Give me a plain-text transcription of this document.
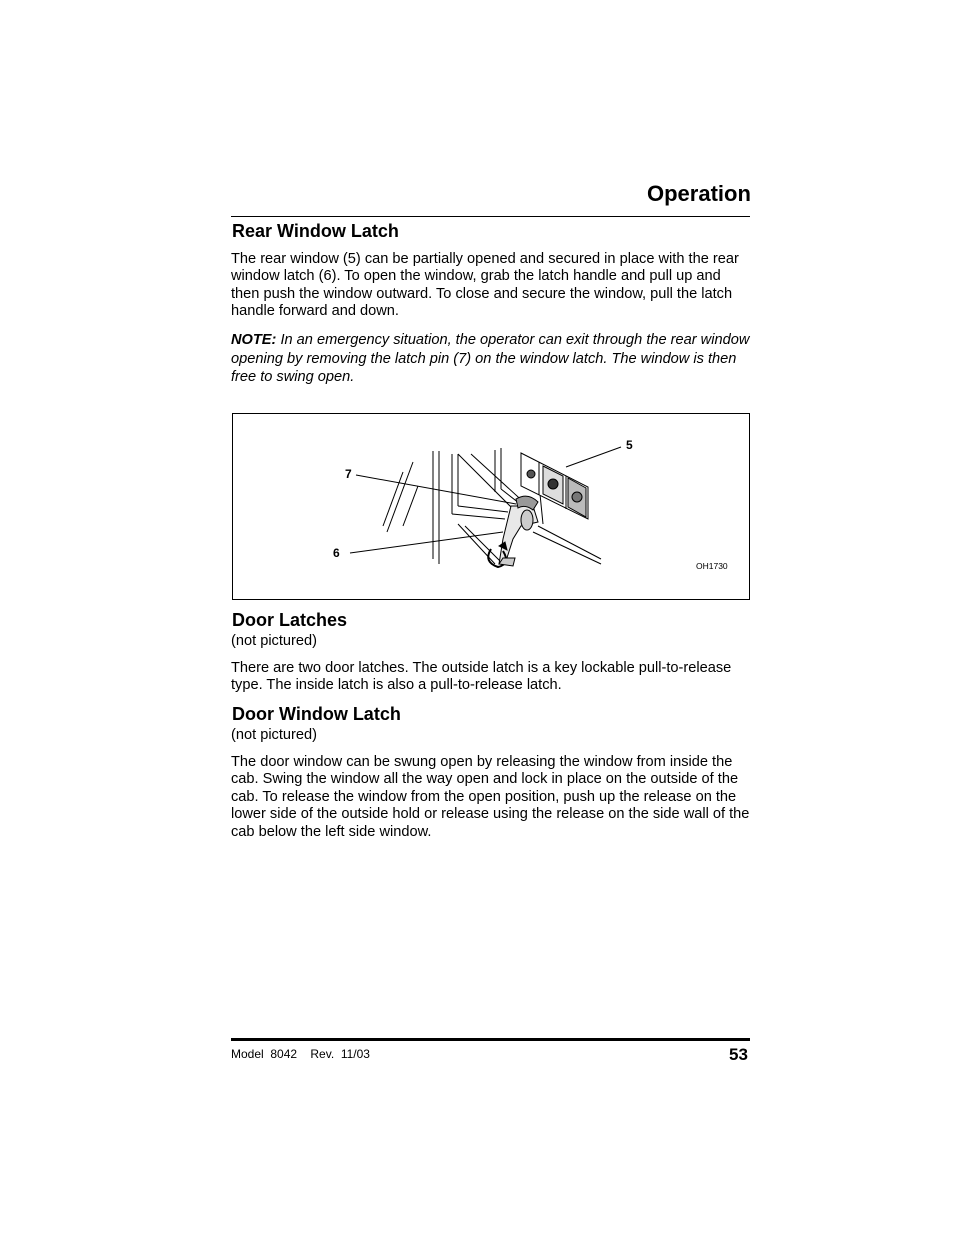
Operation
Rear Window Latch

The rear window (5) can be partially opened and secured in place with the rear window latch (6). To open the window, grab the latch handle and pull up and then push the window outward. To close and secure the window, pull the latch handle forward and down.

NOTE: In an emergency situation, the operator can exit through the rear window opening by removing the latch pin (7) on the window latch. The window is then free to swing open.

5
7
6
OH1730
Door Latches

(not pictured)

There are two door latches. The outside latch is a key lockable pull-to-release type. The inside latch is also a pull-to-release latch.

Door Window Latch

(not pictured)

The door window can be swung open by releasing the window from inside the cab. Swing the window all the way open and lock in place on the outside of the cab. To release the window from the open position, push up the release on the lower side of the outside hold or release using the release on the side wall of the cab below the left side window.

Model  8042    Rev.  11/03	53
